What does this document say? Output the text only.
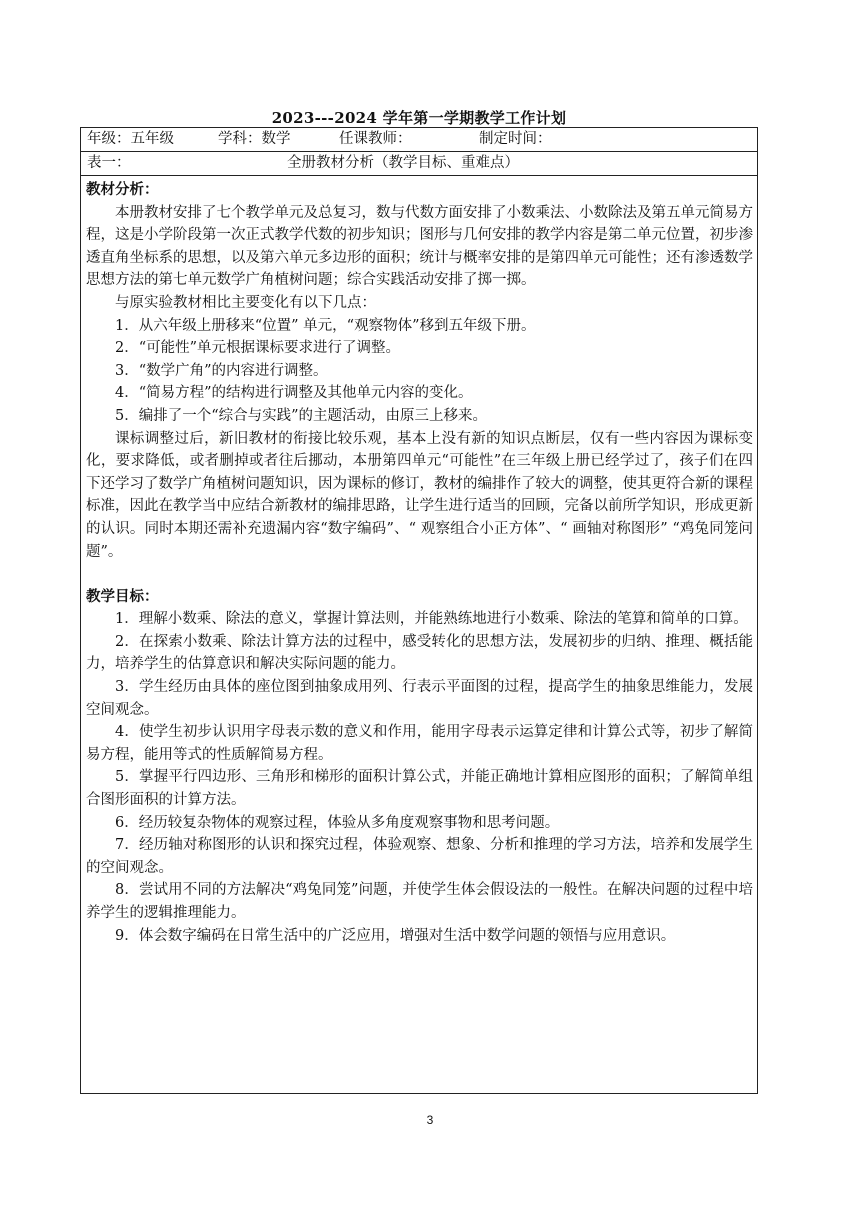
2023---2024 学年第一学期教学工作计划
年级：五年级	学科：数学	任课教师：	制定时间：
表一：	全册教材分析（教学目标、重难点）
教材分析：

本册教材安排了七个教学单元及总复习，数与代数方面安排了小数乘法、小数除法及第五单元简易方程，这是小学阶段第一次正式教学代数的初步知识；图形与几何安排的教学内容是第二单元位置，初步渗透直角坐标系的思想，以及第六单元多边形的面积；统计与概率安排的是第四单元可能性；还有渗透数学思想方法的第七单元数学广角植树问题；综合实践活动安排了掷一掷。

与原实验教材相比主要变化有以下几点：

1．从六年级上册移来“位置” 单元，“观察物体”移到五年级下册。

2．“可能性”单元根据课标要求进行了调整。

3．“数学广角”的内容进行调整。

4．“简易方程”的结构进行调整及其他单元内容的变化。

5．编排了一个“综合与实践”的主题活动，由原三上移来。

课标调整过后，新旧教材的衔接比较乐观，基本上没有新的知识点断层，仅有一些内容因为课标变化，要求降低，或者删掉或者往后挪动，本册第四单元“可能性”在三年级上册已经学过了，孩子们在四下还学习了数学广角植树问题知识，因为课标的修订，教材的编排作了较大的调整，使其更符合新的课程标准，因此在教学当中应结合新教材的编排思路，让学生进行适当的回顾，完备以前所学知识，形成更新的认识。同时本期还需补充遗漏内容“数字编码”、“ 观察组合小正方体”、“ 画轴对称图形” “鸡兔同笼问题”。

教学目标：

1．理解小数乘、除法的意义，掌握计算法则，并能熟练地进行小数乘、除法的笔算和简单的口算。

2．在探索小数乘、除法计算方法的过程中，感受转化的思想方法，发展初步的归纳、推理、概括能力，培养学生的估算意识和解决实际问题的能力。

3．学生经历由具体的座位图到抽象成用列、行表示平面图的过程，提高学生的抽象思维能力，发展空间观念。

4．使学生初步认识用字母表示数的意义和作用，能用字母表示运算定律和计算公式等，初步了解简易方程，能用等式的性质解简易方程。

5．掌握平行四边形、三角形和梯形的面积计算公式，并能正确地计算相应图形的面积；了解简单组合图形面积的计算方法。

6．经历较复杂物体的观察过程，体验从多角度观察事物和思考问题。

7．经历轴对称图形的认识和探究过程，体验观察、想象、分析和推理的学习方法，培养和发展学生的空间观念。

8．尝试用不同的方法解决“鸡兔同笼”问题，并使学生体会假设法的一般性。在解决问题的过程中培养学生的逻辑推理能力。

9．体会数字编码在日常生活中的广泛应用，增强对生活中数学问题的领悟与应用意识。

3
